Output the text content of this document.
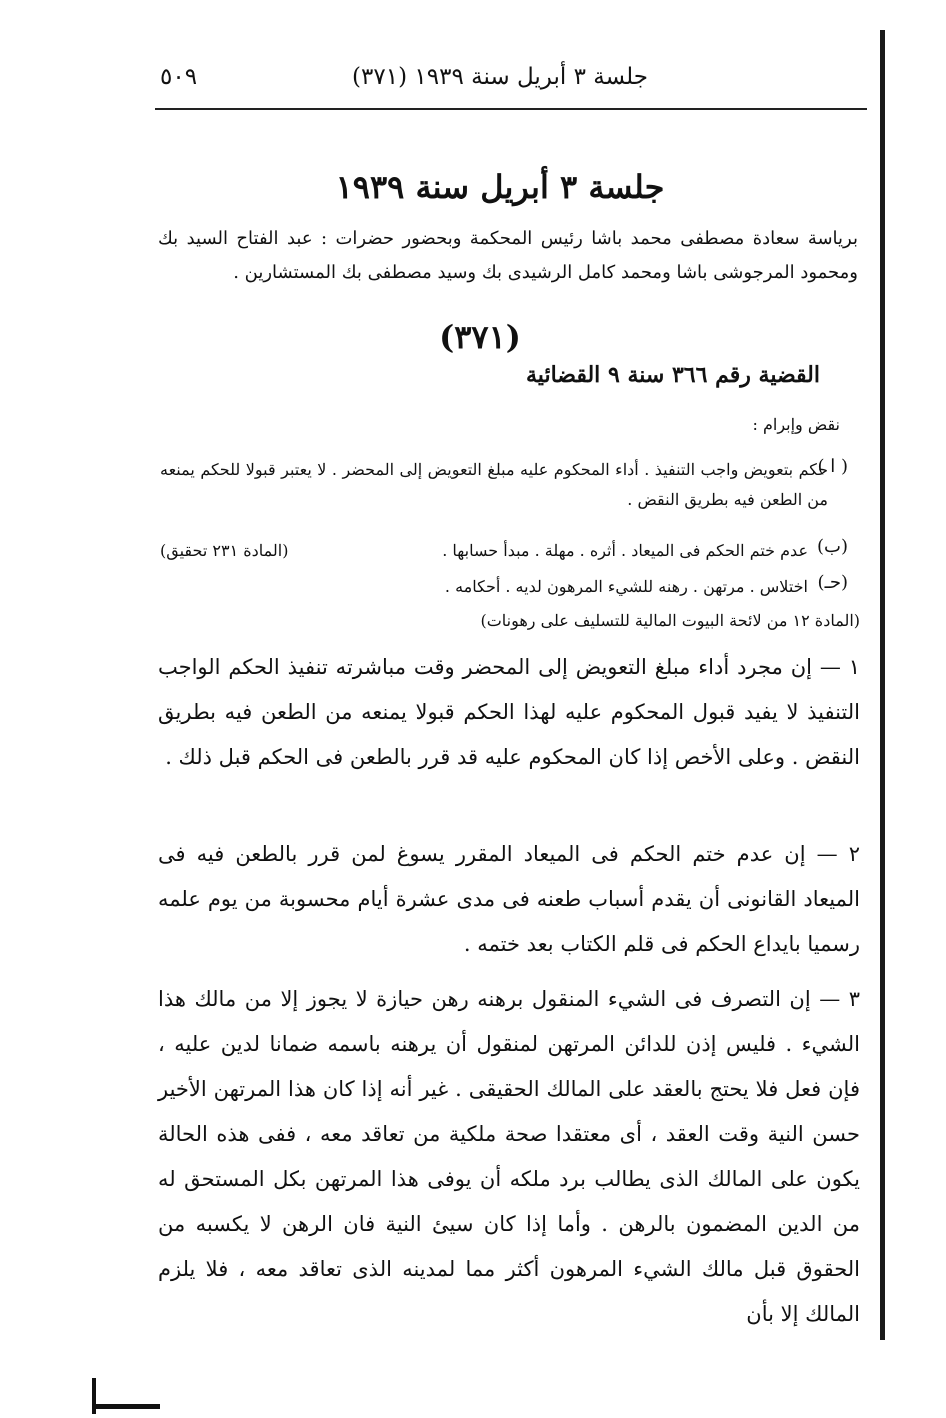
جلسة ٣ أبريل سنة ١٩٣٩ (٣٧١)
٥٠٩
جلسة ٣ أبريل سنة ١٩٣٩
برياسة سعادة مصطفى محمد باشا رئيس المحكمة وبحضور حضرات : عبد الفتاح السيد بك ومحمود المرجوشى باشا ومحمد كامل الرشيدى بك وسيد مصطفى بك المستشارين .
(٣٧١)
القضية رقم ٣٦٦ سنة ٩ القضائية
نقض وإبرام :
( ا )
حكم بتعويض واجب التنفيذ . أداء المحكوم عليه مبلغ التعويض إلى المحضر . لا يعتبر قبولا للحكم يمنعه من الطعن فيه بطريق النقض .
(ب)
عدم ختم الحكم فى الميعاد . أثره . مهلة . مبدأ حسابها .
(المادة ٢٣١ تحقيق)
(حـ)
اختلاس . مرتهن . رهنه للشيء المرهون لديه . أحكامه .
(المادة ١٢ من لائحة البيوت المالية للتسليف على رهونات)
١ — إن مجرد أداء مبلغ التعويض إلى المحضر وقت مباشرته تنفيذ الحكم الواجب التنفيذ لا يفيد قبول المحكوم عليه لهذا الحكم قبولا يمنعه من الطعن فيه بطريق النقض . وعلى الأخص إذا كان المحكوم عليه قد قرر بالطعن فى الحكم قبل ذلك .
٢ — إن عدم ختم الحكم فى الميعاد المقرر يسوغ لمن قرر بالطعن فيه فى الميعاد القانونى أن يقدم أسباب طعنه فى مدى عشرة أيام محسوبة من يوم علمه رسميا بايداع الحكم فى قلم الكتاب بعد ختمه .
٣ — إن التصرف فى الشيء المنقول برهنه رهن حيازة لا يجوز إلا من مالك هذا الشيء . فليس إذن للدائن المرتهن لمنقول أن يرهنه باسمه ضمانا لدين عليه ، فإن فعل فلا يحتج بالعقد على المالك الحقيقى . غير أنه إذا كان هذا المرتهن الأخير حسن النية وقت العقد ، أى معتقدا صحة ملكية من تعاقد معه ، ففى هذه الحالة يكون على المالك الذى يطالب برد ملكه أن يوفى هذا المرتهن بكل المستحق له من الدين المضمون بالرهن . وأما إذا كان سيئ النية فان الرهن لا يكسبه من الحقوق قبل مالك الشيء المرهون أكثر مما لمدينه الذى تعاقد معه ، فلا يلزم المالك إلا بأن
